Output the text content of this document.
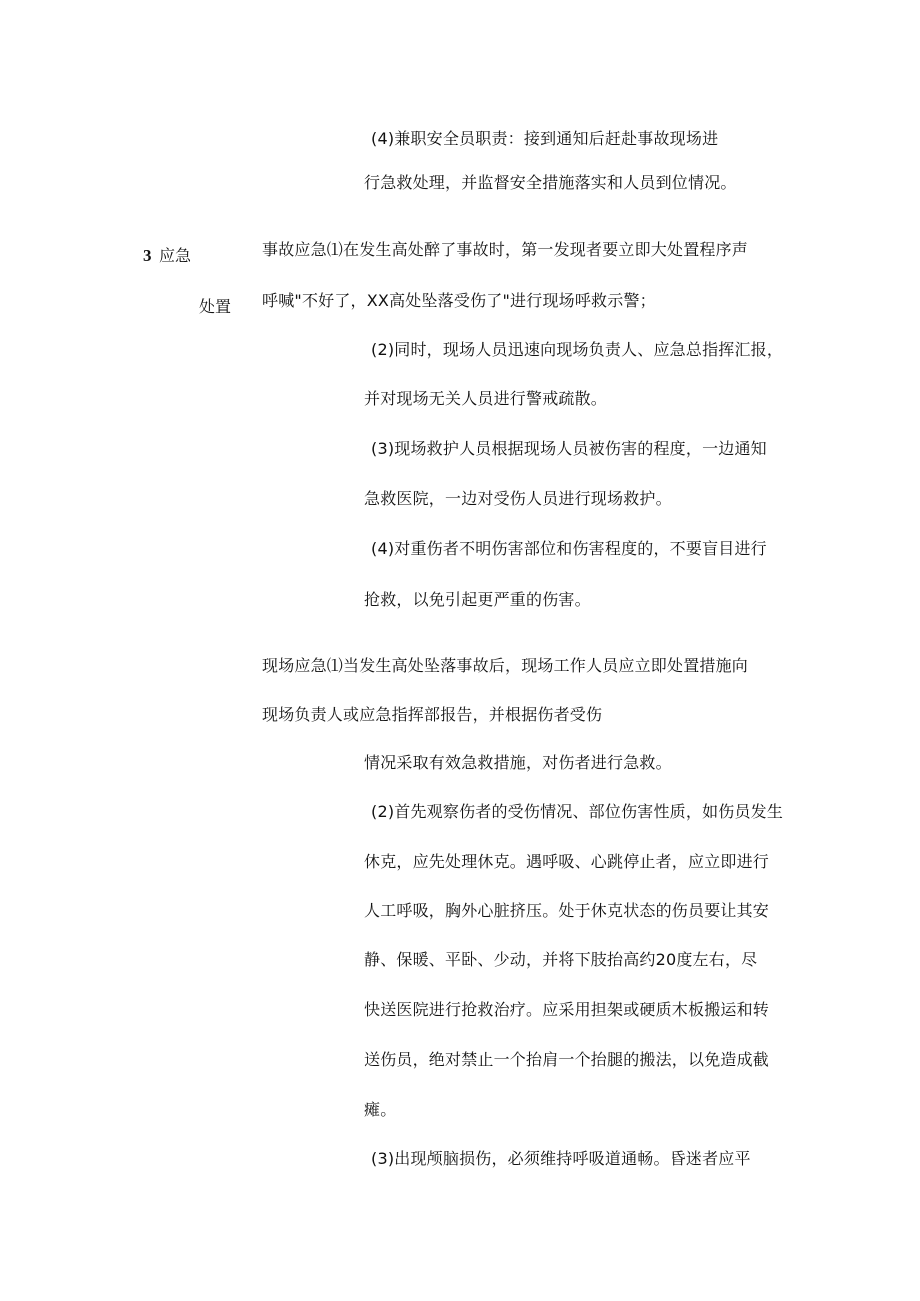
3 应急
处置
(4)兼职安全员职责：接到通知后赶赴事故现场进
行急救处理，并监督安全措施落实和人员到位情况。
事故应急⑴在发生高处醉了事故时，第一发现者要立即大处置程序声
呼喊"不好了，XX高处坠落受伤了"进行现场呼救示警；
(2)同时，现场人员迅速向现场负责人、应急总指挥汇报，
并对现场无关人员进行警戒疏散。
(3)现场救护人员根据现场人员被伤害的程度，一边通知
急救医院，一边对受伤人员进行现场救护。
(4)对重伤者不明伤害部位和伤害程度的，不要盲目进行
抢救，以免引起更严重的伤害。
现场应急⑴当发生高处坠落事故后，现场工作人员应立即处置措施向
现场负责人或应急指挥部报告，并根据伤者受伤
情况采取有效急救措施，对伤者进行急救。
(2)首先观察伤者的受伤情况、部位伤害性质，如伤员发生
休克，应先处理休克。遇呼吸、心跳停止者，应立即进行
人工呼吸，胸外心脏挤压。处于休克状态的伤员要让其安
静、保暖、平卧、少动，并将下肢抬高约20度左右，尽
快送医院进行抢救治疗。应采用担架或硬质木板搬运和转
送伤员，绝对禁止一个抬肩一个抬腿的搬法，以免造成截
瘫。
(3)出现颅脑损伤，必须维持呼吸道通畅。昏迷者应平
